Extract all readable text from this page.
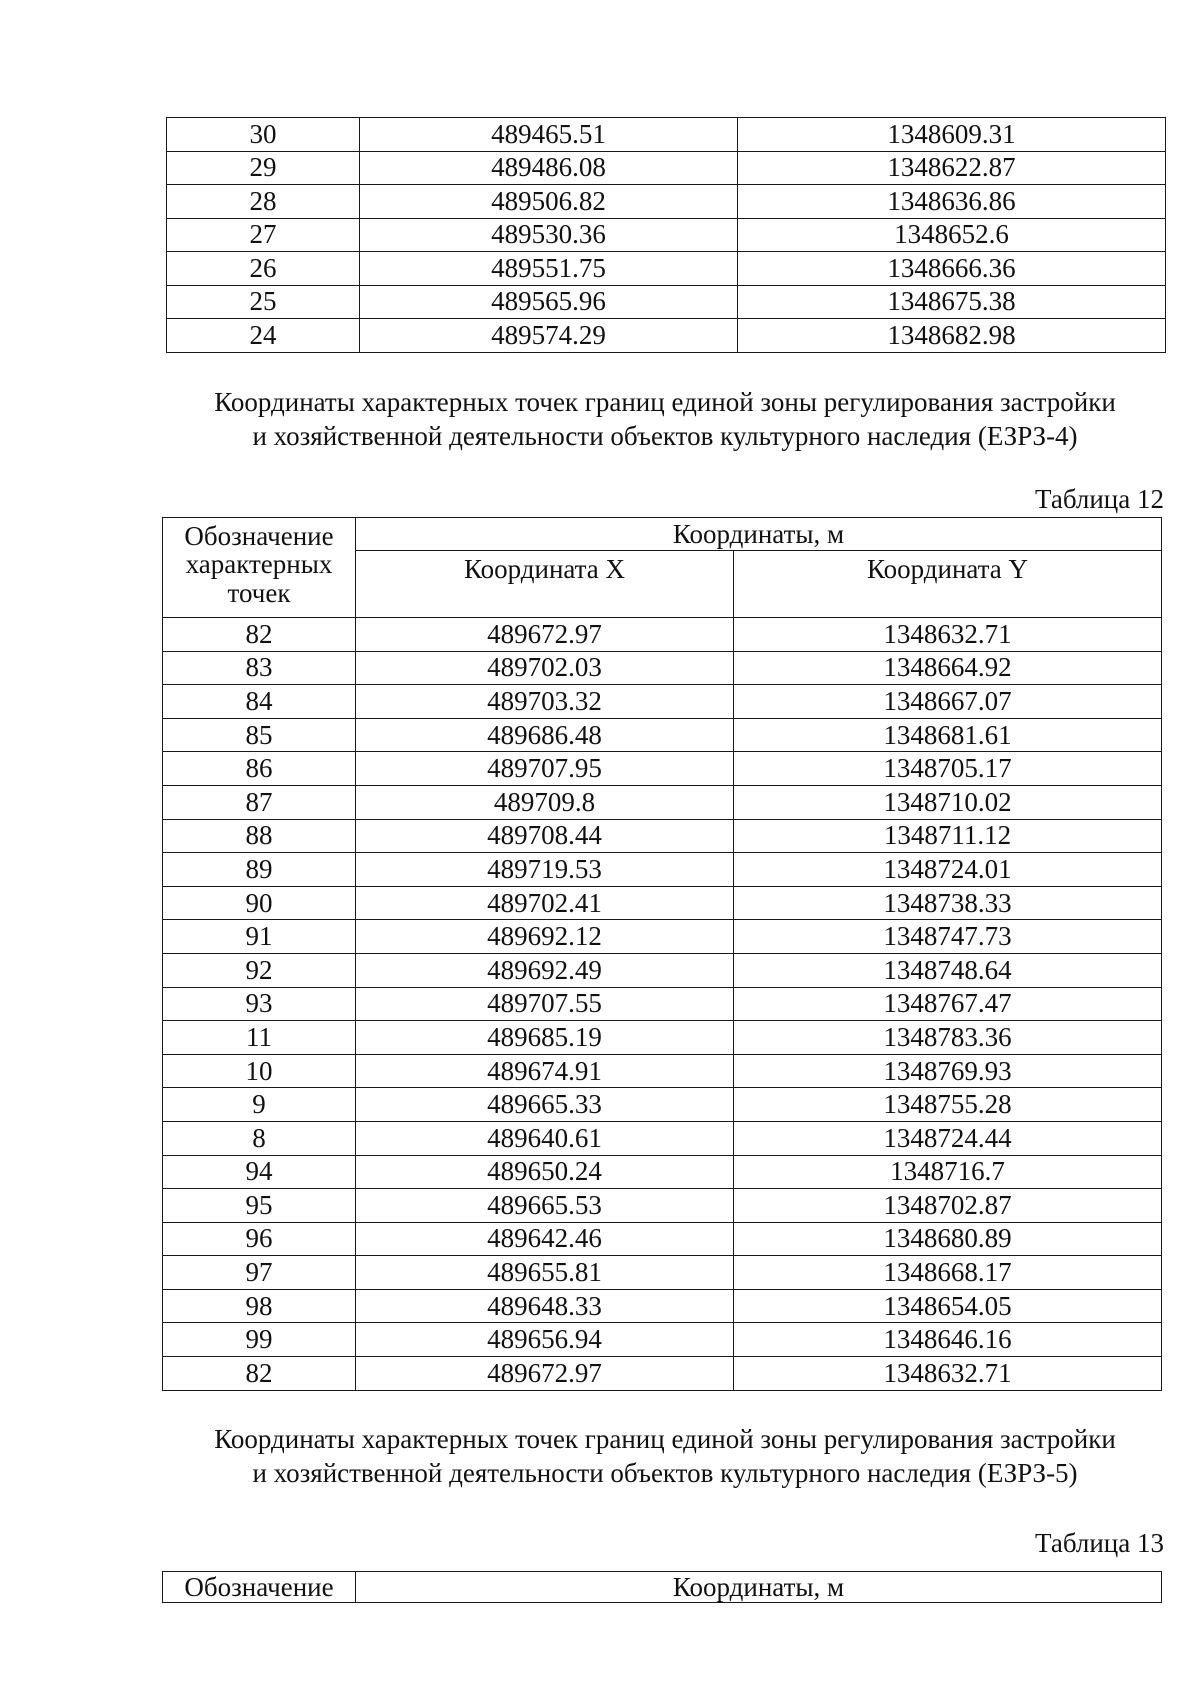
30	489465.51	1348609.31
29	489486.08	1348622.87
28	489506.82	1348636.86
27	489530.36	1348652.6
26	489551.75	1348666.36
25	489565.96	1348675.38
24	489574.29	1348682.98
Координаты характерных точек границ единой зоны регулирования застройки
и хозяйственной деятельности объектов культурного наследия (ЕЗРЗ-4)
Таблица 12
Обозначение характерных точек	Координаты, м	
	Координата X	Координата Y
82	489672.97	1348632.71
83	489702.03	1348664.92
84	489703.32	1348667.07
85	489686.48	1348681.61
86	489707.95	1348705.17
87	489709.8	1348710.02
88	489708.44	1348711.12
89	489719.53	1348724.01
90	489702.41	1348738.33
91	489692.12	1348747.73
92	489692.49	1348748.64
93	489707.55	1348767.47
11	489685.19	1348783.36
10	489674.91	1348769.93
9	489665.33	1348755.28
8	489640.61	1348724.44
94	489650.24	1348716.7
95	489665.53	1348702.87
96	489642.46	1348680.89
97	489655.81	1348668.17
98	489648.33	1348654.05
99	489656.94	1348646.16
82	489672.97	1348632.71
Координаты характерных точек границ единой зоны регулирования застройки
и хозяйственной деятельности объектов культурного наследия (ЕЗРЗ-5)
Таблица 13
Обозначение	Координаты, м
